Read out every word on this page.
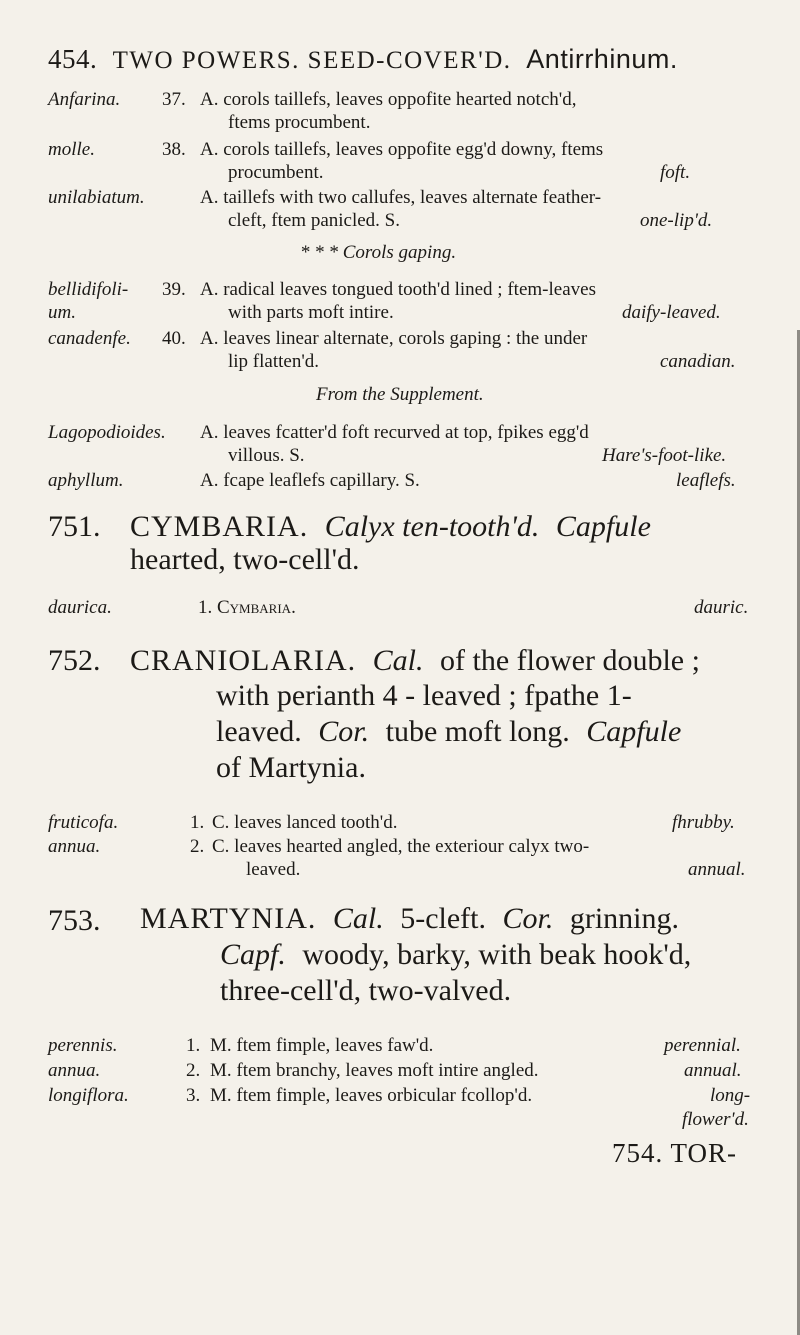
454. TWO POWERS. SEED-COVER'D. Antirrhinum.
Anfarina. 37. A. corols taillefs, leaves oppofite hearted notch'd,
ftems procumbent.
molle.	38. A. corols taillefs, leaves oppofite egg'd downy, ftems
procumbent.	foft.
unilabiatum.	A. taillefs with two callufes, leaves alternate feather-
cleft, ftem panicled. S.	one-lip'd.
* * * Corols gaping.
bellidifoli-
um.
39. A. radical leaves tongued tooth'd lined ; ftem-leaves
with parts moft intire.	daify-leaved.
canadenfe. 40. A. leaves linear alternate, corols gaping : the under
lip flatten'd.	canadian.
From the Supplement.
Lagopodioides. A. leaves fcatter'd foft recurved at top, fpikes egg'd
villous. S.	Hare's-foot-like.
aphyllum.	A. fcape leaflefs capillary. S.	leaflefs.
751. CYMBARIA. Calyx ten-tooth'd. Capfule
hearted, two-cell'd.
daurica.	1. Cymbaria.	dauric.
752. CRANIOLARIA. Cal. of the flower double ;
with perianth 4 - leaved ; fpathe 1-
leaved. Cor. tube moft long. Capfule
of Martynia.
fruticofa.	1. C. leaves lanced tooth'd.	fhrubby.
annua.	2. C. leaves hearted angled, the exteriour calyx two-
leaved.	annual.
753. MARTYNIA. Cal. 5-cleft. Cor. grinning.
Capf. woody, barky, with beak hook'd,
three-cell'd, two-valved.
perennis.	1. M. ftem fimple, leaves faw'd.	perennial.
annua.	2. M. ftem branchy, leaves moft intire angled.	annual.
longiflora.	3. M. ftem fimple, leaves orbicular fcollop'd.	long-
flower'd.
754. TOR-
